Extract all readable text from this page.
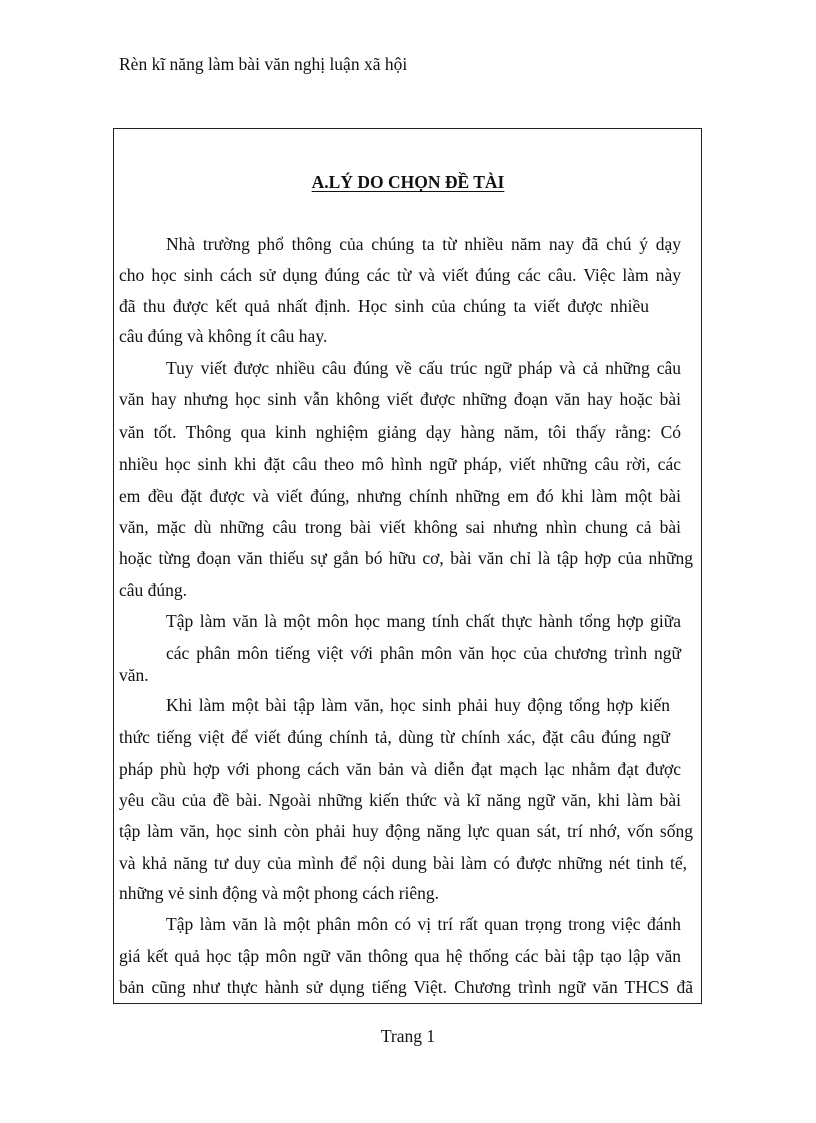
Rèn kĩ năng làm bài văn nghị luận xã hội
A.LÝ DO CHỌN ĐỀ TÀI
Nhà trường phổ thông của chúng ta từ nhiều năm nay đã chú ý dạy
cho học sinh cách sử dụng đúng các từ và viết đúng các câu. Việc làm này
đã thu được kết quả nhất định. Học sinh của chúng ta viết được nhiều
câu đúng và không ít câu hay.
Tuy viết được nhiều câu đúng về cấu trúc ngữ pháp và cả những câu
văn hay nhưng học sinh vẫn không viết được những đoạn văn hay hoặc bài
văn tốt. Thông qua kinh nghiệm giảng dạy hàng năm, tôi thấy rằng: Có
nhiều học sinh khi đặt câu theo mô hình ngữ pháp, viết những câu rời, các
em đều đặt được và viết đúng, nhưng chính những em đó khi làm một bài
văn, mặc dù những câu trong bài viết không sai nhưng nhìn chung cả bài
hoặc từng đoạn văn thiếu sự gắn bó hữu cơ, bài văn chỉ là tập hợp của những
câu đúng.
Tập làm văn là một môn học mang tính chất thực hành tổng hợp giữa
các phân môn tiếng việt với phân môn văn học của chương trình ngữ
văn.
Khi làm một bài tập làm văn, học sinh phải huy động tổng hợp kiến
thức tiếng việt để viết đúng chính tả, dùng từ chính xác, đặt câu đúng ngữ
pháp phù hợp với phong cách văn bản và diễn đạt mạch lạc nhằm đạt được
yêu cầu của đề bài. Ngoài những kiến thức và kĩ năng ngữ văn, khi làm bài
tập làm văn, học sinh còn phải huy động năng lực quan sát, trí nhớ, vốn sống
và khả năng tư duy của mình để nội dung bài làm có được những nét tinh tế,
những vẻ sinh động và một phong cách riêng.
Tập làm văn là một phân môn có vị trí rất quan trọng trong việc đánh
giá kết quả học tập môn ngữ văn thông qua hệ thống các bài tập tạo lập văn
bản cũng như thực hành sử dụng tiếng Việt. Chương trình ngữ văn THCS đã
Trang 1
